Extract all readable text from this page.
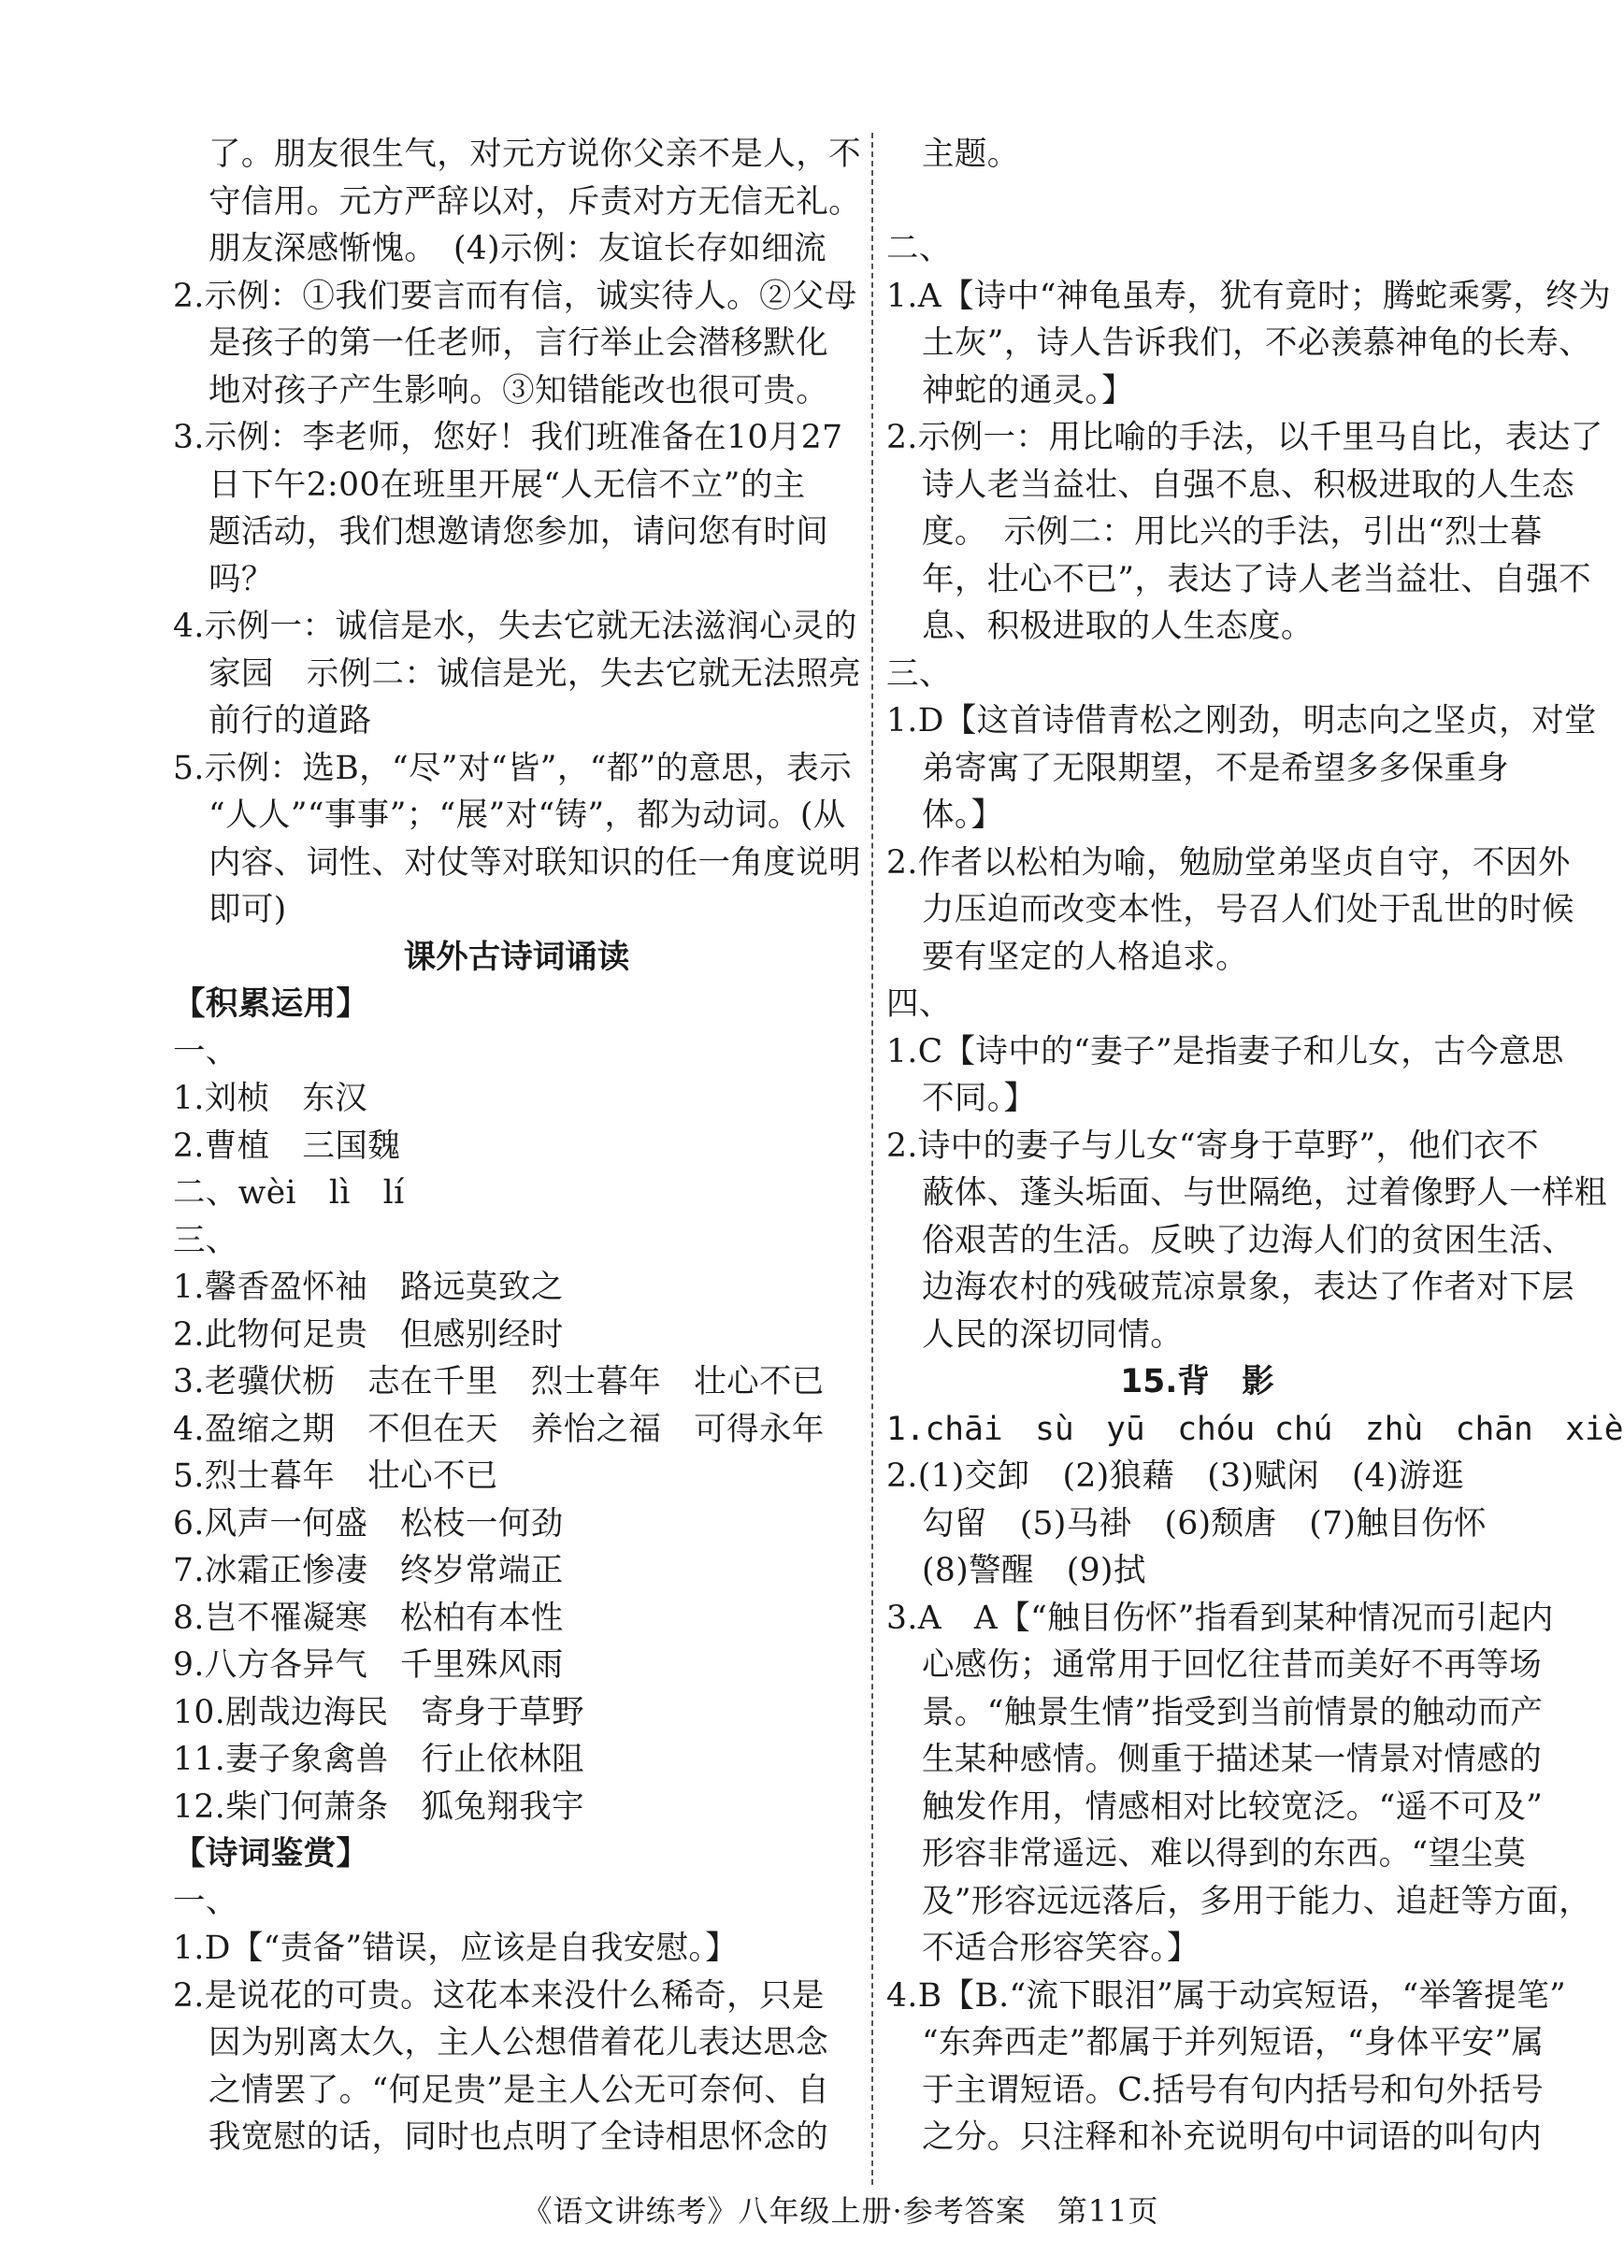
了。朋友很生气，对元方说你父亲不是人，不
守信用。元方严辞以对，斥责对方无信无礼。
朋友深感惭愧。　(4)示例：友谊长存如细流
2.示例：①我们要言而有信，诚实待人。②父母
是孩子的第一任老师，言行举止会潜移默化
地对孩子产生影响。③知错能改也很可贵。
3.示例：李老师，您好！我们班准备在10月27
日下午2:00在班里开展“人无信不立”的主
题活动，我们想邀请您参加，请问您有时间
吗？
4.示例一：诚信是水，失去它就无法滋润心灵的
家园　示例二：诚信是光，失去它就无法照亮
前行的道路
5.示例：选B，“尽”对“皆”，“都”的意思，表示
“人人”“事事”；“展”对“铸”，都为动词。(从
内容、词性、对仗等对联知识的任一角度说明
即可)
课外古诗词诵读
【积累运用】
一、
1.刘桢　东汉
2.曹植　三国魏
二、wèi　lì　lí
三、
1.馨香盈怀袖　路远莫致之
2.此物何足贵　但感别经时
3.老骥伏枥　志在千里　烈士暮年　壮心不已
4.盈缩之期　不但在天　养怡之福　可得永年
5.烈士暮年　壮心不已
6.风声一何盛　松枝一何劲
7.冰霜正惨凄　终岁常端正
8.岂不罹凝寒　松柏有本性
9.八方各异气　千里殊风雨
10.剧哉边海民　寄身于草野
11.妻子象禽兽　行止依林阻
12.柴门何萧条　狐兔翔我宇
【诗词鉴赏】
一、
1.D【“责备”错误，应该是自我安慰。】
2.是说花的可贵。这花本来没什么稀奇，只是
因为别离太久，主人公想借着花儿表达思念
之情罢了。“何足贵”是主人公无可奈何、自
我宽慰的话，同时也点明了全诗相思怀念的
主题。
二、
1.A【诗中“神龟虽寿，犹有竟时；腾蛇乘雾，终为
土灰”，诗人告诉我们，不必羡慕神龟的长寿、
神蛇的通灵。】
2.示例一：用比喻的手法，以千里马自比，表达了
诗人老当益壮、自强不息、积极进取的人生态
度。　示例二：用比兴的手法，引出“烈士暮
年，壮心不已”，表达了诗人老当益壮、自强不
息、积极进取的人生态度。
三、
1.D【这首诗借青松之刚劲，明志向之坚贞，对堂
弟寄寓了无限期望，不是希望多多保重身
体。】
2.作者以松柏为喻，勉励堂弟坚贞自守，不因外
力压迫而改变本性，号召人们处于乱世的时候
要有坚定的人格追求。
四、
1.C【诗中的“妻子”是指妻子和儿女，古今意思
不同。】
2.诗中的妻子与儿女“寄身于草野”，他们衣不
蔽体、蓬头垢面、与世隔绝，过着像野人一样粗
俗艰苦的生活。反映了边海人们的贫困生活、
边海农村的残破荒凉景象，表达了作者对下层
人民的深切同情。
15.背　影
1.chāi　sù　yū　chóu chú　zhù　chān　xiè
2.(1)交卸　(2)狼藉　(3)赋闲　(4)游逛
勾留　(5)马褂　(6)颓唐　(7)触目伤怀
(8)警醒　(9)拭
3.A　A【“触目伤怀”指看到某种情况而引起内
心感伤；通常用于回忆往昔而美好不再等场
景。“触景生情”指受到当前情景的触动而产
生某种感情。侧重于描述某一情景对情感的
触发作用，情感相对比较宽泛。“遥不可及”
形容非常遥远、难以得到的东西。“望尘莫
及”形容远远落后，多用于能力、追赶等方面，
不适合形容笑容。】
4.B【B.“流下眼泪”属于动宾短语，“举箸提笔”
“东奔西走”都属于并列短语，“身体平安”属
于主谓短语。C.括号有句内括号和句外括号
之分。只注释和补充说明句中词语的叫句内
《语文讲练考》八年级上册·参考答案　第11页
